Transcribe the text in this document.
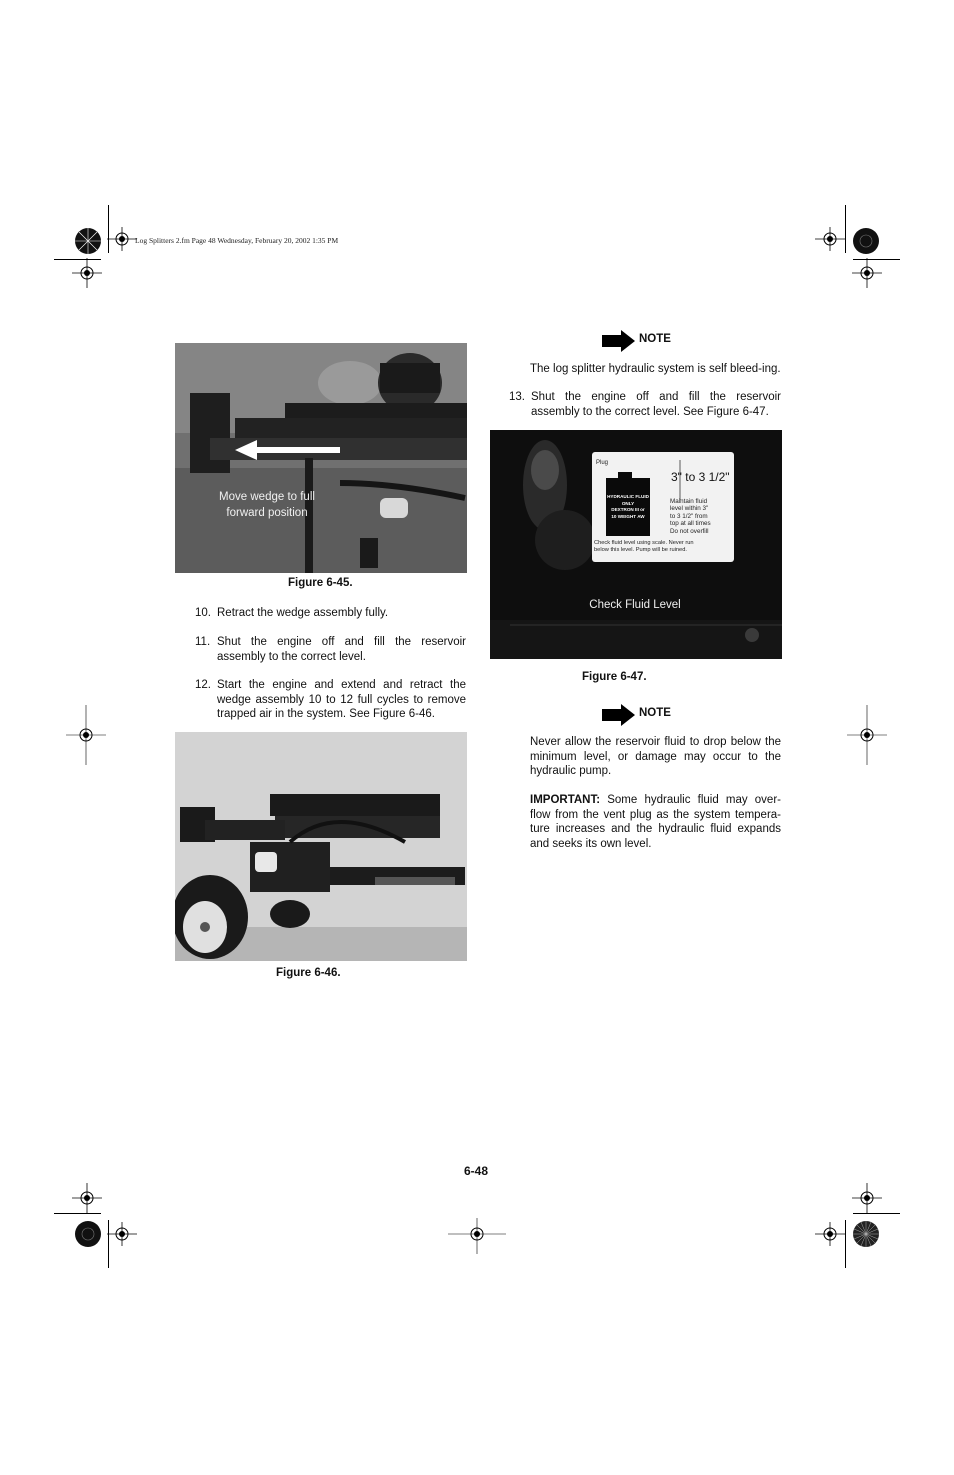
Log Splitters 2.fm Page 48 Wednesday, February 20, 2002 1:35 PM
Move wedge to full
forward position
Figure 6-45.
10. Retract the wedge assembly fully.
11. Shut the engine off and fill the reservoir assembly to the correct level.
12. Start the engine and extend and retract the wedge assembly 10 to 12 full cycles to remove trapped air in the system. See Figure 6-46.
Figure 6-46.
NOTE
The log splitter hydraulic system is self bleed-ing.
13. Shut the engine off and fill the reservoir assembly to the correct level. See Figure 6-47.
Plug
3" to 3 1/2"
HYDRAULIC FLUID
ONLY
DEXTRON III or
10 WEIGHT AW
Maintain fluid
level within 3"
to 3 1/2" from
top at all times
Do not overfill
Check fluid level using scale. Never run
below this level. Pump will be ruined.
Check Fluid Level
Figure 6-47.
NOTE
Never allow the reservoir fluid to drop below the minimum level, or damage may occur to the hydraulic pump.
IMPORTANT: Some hydraulic fluid may over-flow from the vent plug as the system tempera-ture increases and the hydraulic fluid expands and seeks its own level.
6-48
